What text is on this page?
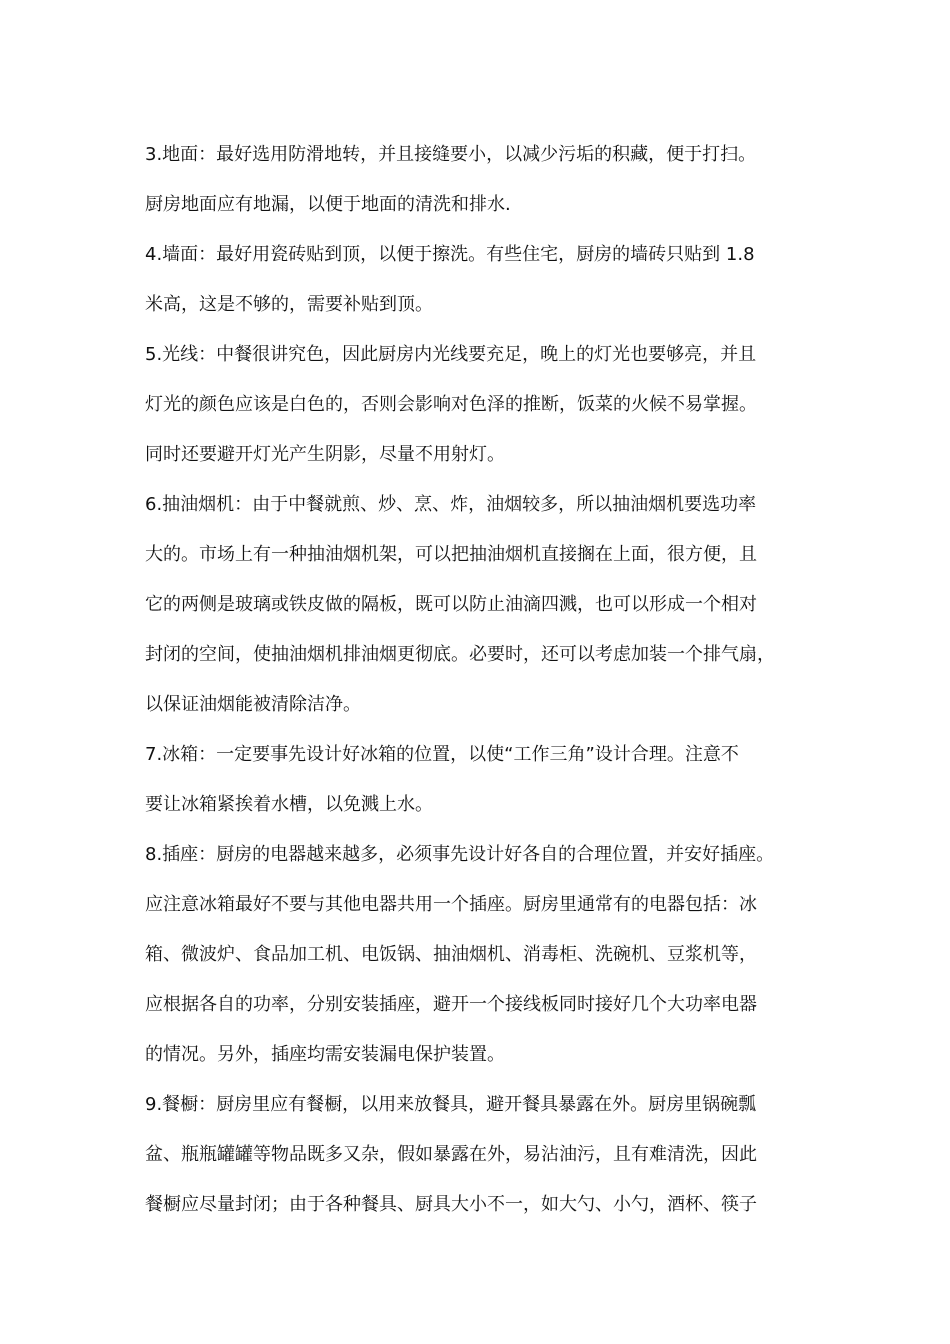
3.地面：最好选用防滑地转，并且接缝要小，以减少污垢的积藏，便于打扫。
厨房地面应有地漏，以便于地面的清洗和排水.
4.墙面：最好用瓷砖贴到顶，以便于擦洗。有些住宅，厨房的墙砖只贴到 1.8
米高，这是不够的，需要补贴到顶。
5.光线：中餐很讲究色，因此厨房内光线要充足，晚上的灯光也要够亮，并且
灯光的颜色应该是白色的，否则会影响对色泽的推断，饭菜的火候不易掌握。
同时还要避开灯光产生阴影，尽量不用射灯。
6.抽油烟机：由于中餐就煎、炒、烹、炸，油烟较多，所以抽油烟机要选功率
大的。市场上有一种抽油烟机架，可以把抽油烟机直接搁在上面，很方便，且
它的两侧是玻璃或铁皮做的隔板，既可以防止油滴四溅，也可以形成一个相对
封闭的空间，使抽油烟机排油烟更彻底。必要时，还可以考虑加装一个排气扇，
以保证油烟能被清除洁净。
7.冰箱：一定要事先设计好冰箱的位置，以使“工作三角”设计合理。注意不
要让冰箱紧挨着水槽，以免溅上水。
8.插座：厨房的电器越来越多，必须事先设计好各自的合理位置，并安好插座。
应注意冰箱最好不要与其他电器共用一个插座。厨房里通常有的电器包括：冰
箱、微波炉、食品加工机、电饭锅、抽油烟机、消毒柜、洗碗机、豆浆机等，
应根据各自的功率，分别安装插座，避开一个接线板同时接好几个大功率电器
的情况。另外，插座均需安装漏电保护装置。
9.餐橱：厨房里应有餐橱，以用来放餐具，避开餐具暴露在外。厨房里锅碗瓢
盆、瓶瓶罐罐等物品既多又杂，假如暴露在外，易沾油污，且有难清洗，因此
餐橱应尽量封闭；由于各种餐具、厨具大小不一，如大勺、小勺，酒杯、筷子
